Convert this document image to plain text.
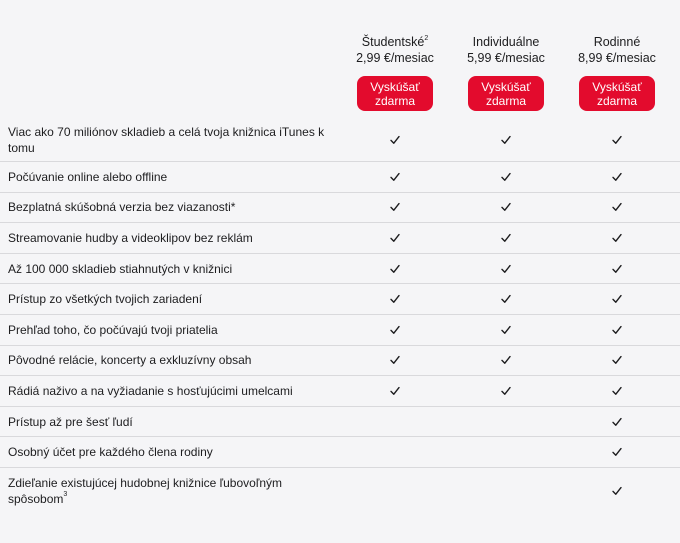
Študentské$^2$
2,99 €/mesiac
Vyskúšať
zdarma
Individuálne
5,99 €/mesiac
Vyskúšať
zdarma
Rodinné
8,99 €/mesiac
Vyskúšať
zdarma
Viac ako 70 miliónov skladieb a celá tvoja knižnica iTunes k tomu
Počúvanie online alebo offline
Bezplatná skúšobná verzia bez viazanosti*
Streamovanie hudby a videoklipov bez reklám
Až 100 000 skladieb stiahnutých v knižnici
Prístup zo všetkých tvojich zariadení
Prehľad toho, čo počúvajú tvoji priatelia
Pôvodné relácie, koncerty a exkluzívny obsah
Rádiá naživo a na vyžiadanie s hosťujúcimi umelcami
Prístup až pre šesť ľudí
Osobný účet pre každého člena rodiny
Zdieľanie existujúcej hudobnej knižnice ľubovoľným spôsobom$^3$
